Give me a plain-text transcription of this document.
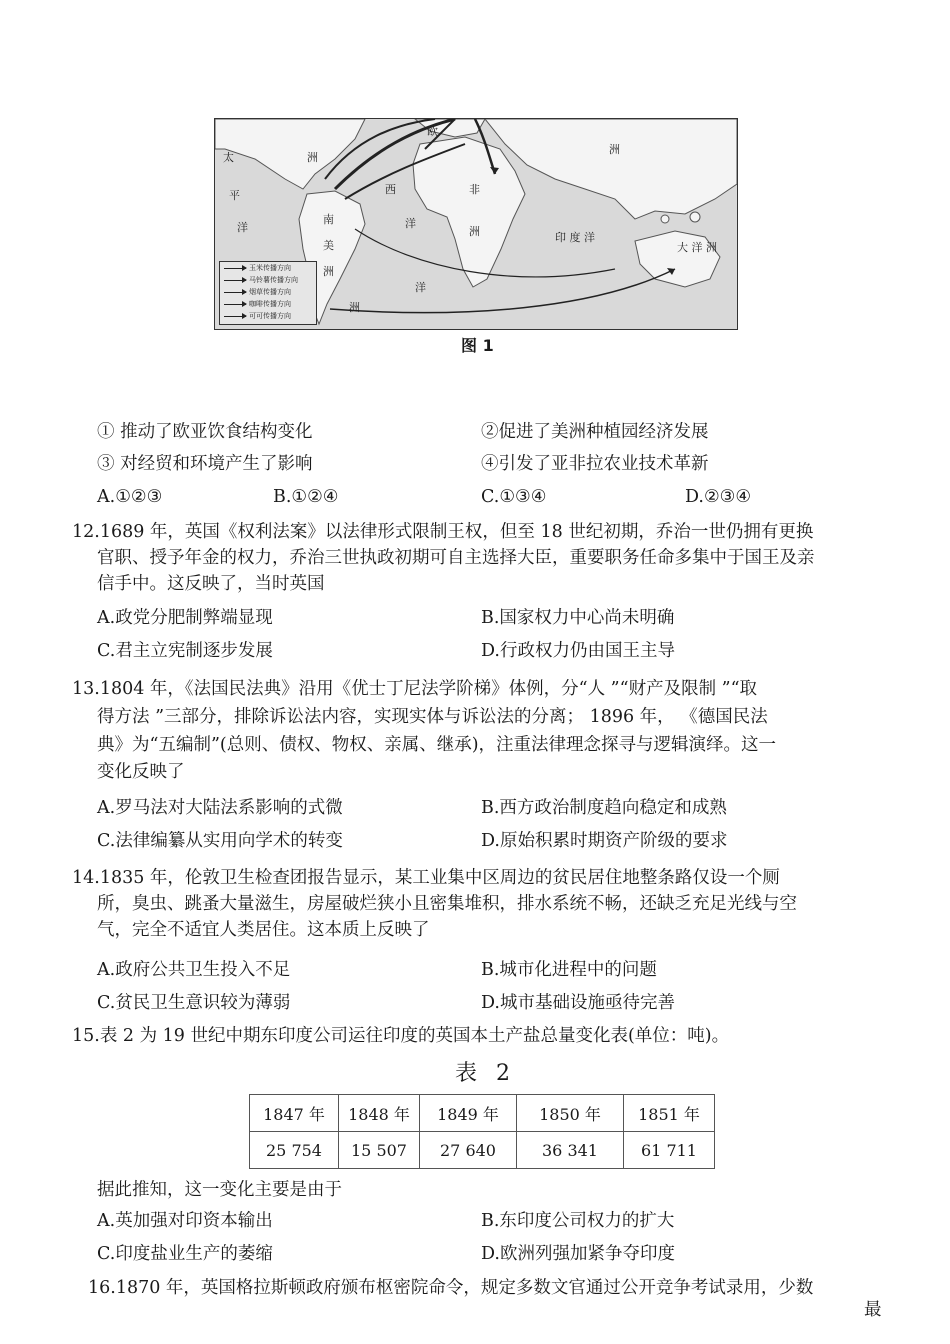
太
平
洋
欧
洲
南
美
洲
西
洋
非
洲	印 度 洋
洲
大 洋 洲
洋
洲
玉米传播方向
马铃薯传播方向
烟草传播方向
咖啡传播方向
可可传播方向
图 1
① 推动了欧亚饮食结构变化	②促进了美洲种植园经济发展
③ 对经贸和环境产生了影响	④引发了亚非拉农业技术革新
A.①②③	B.①②④	C.①③④	D.②③④
12.1689 年，英国《权利法案》以法律形式限制王权，但至 18 世纪初期，乔治一世仍拥有更换
官职、授予年金的权力，乔治三世执政初期可自主选择大臣，重要职务任命多集中于国王及亲
信手中。这反映了，当时英国
A.政党分肥制弊端显现	B.国家权力中心尚未明确
C.君主立宪制逐步发展	D.行政权力仍由国王主导
13.1804 年，《法国民法典》沿用《优士丁尼法学阶梯》体例，分“人 ”“财产及限制 ”“取
得方法 ”三部分，排除诉讼法内容，实现实体与诉讼法的分离； 1896 年， 《德国民法
典》为“五编制”(总则、债权、物权、亲属、继承)，注重法律理念探寻与逻辑演绎。这一
变化反映了
A.罗马法对大陆法系影响的式微	B.西方政治制度趋向稳定和成熟
C.法律编纂从实用向学术的转变	D.原始积累时期资产阶级的要求
14.1835 年，伦敦卫生检查团报告显示，某工业集中区周边的贫民居住地整条路仅设一个厕
所，臭虫、跳蚤大量滋生，房屋破烂狭小且密集堆积，排水系统不畅，还缺乏充足光线与空
气，完全不适宜人类居住。这本质上反映了
A.政府公共卫生投入不足	B.城市化进程中的问题
C.贫民卫生意识较为薄弱	D.城市基础设施亟待完善
15.表 2 为 19 世纪中期东印度公司运往印度的英国本土产盐总量变化表(单位：吨)。
表 2
1847 年	1848 年	1849 年	1850 年	1851 年
25 754	15 507	27 640	36 341	61 711
据此推知，这一变化主要是由于
A.英加强对印资本输出	B.东印度公司权力的扩大
C.印度盐业生产的萎缩	D.欧洲列强加紧争夺印度
16.1870 年，英国格拉斯顿政府颁布枢密院命令，规定多数文官通过公开竞争考试录用，少数
最
